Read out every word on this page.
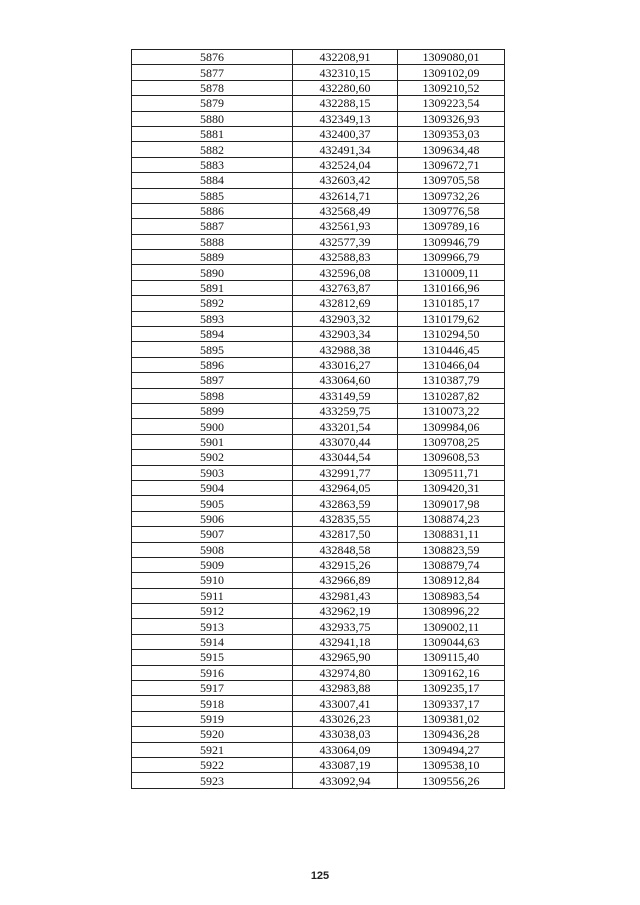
5876	432208,91	1309080,01
5877	432310,15	1309102,09
5878	432280,60	1309210,52
5879	432288,15	1309223,54
5880	432349,13	1309326,93
5881	432400,37	1309353,03
5882	432491,34	1309634,48
5883	432524,04	1309672,71
5884	432603,42	1309705,58
5885	432614,71	1309732,26
5886	432568,49	1309776,58
5887	432561,93	1309789,16
5888	432577,39	1309946,79
5889	432588,83	1309966,79
5890	432596,08	1310009,11
5891	432763,87	1310166,96
5892	432812,69	1310185,17
5893	432903,32	1310179,62
5894	432903,34	1310294,50
5895	432988,38	1310446,45
5896	433016,27	1310466,04
5897	433064,60	1310387,79
5898	433149,59	1310287,82
5899	433259,75	1310073,22
5900	433201,54	1309984,06
5901	433070,44	1309708,25
5902	433044,54	1309608,53
5903	432991,77	1309511,71
5904	432964,05	1309420,31
5905	432863,59	1309017,98
5906	432835,55	1308874,23
5907	432817,50	1308831,11
5908	432848,58	1308823,59
5909	432915,26	1308879,74
5910	432966,89	1308912,84
5911	432981,43	1308983,54
5912	432962,19	1308996,22
5913	432933,75	1309002,11
5914	432941,18	1309044,63
5915	432965,90	1309115,40
5916	432974,80	1309162,16
5917	432983,88	1309235,17
5918	433007,41	1309337,17
5919	433026,23	1309381,02
5920	433038,03	1309436,28
5921	433064,09	1309494,27
5922	433087,19	1309538,10
5923	433092,94	1309556,26
125
